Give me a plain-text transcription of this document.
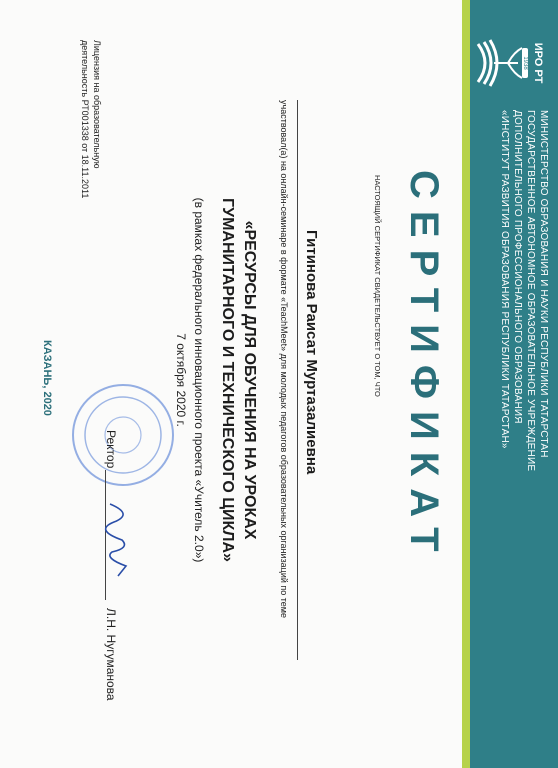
ИРО РТ
1938
МИНИСТЕРСТВО ОБРАЗОВАНИЯ И НАУКИ РЕСПУБЛИКИ ТАТАРСТАН
ГОСУДАРСТВЕННОЕ АВТОНОМНОЕ ОБРАЗОВАТЕЛЬНОЕ УЧРЕЖДЕНИЕ
ДОПОЛНИТЕЛЬНОГО ПРОФЕССИОНАЛЬНОГО ОБРАЗОВАНИЯ
«ИНСТИТУТ РАЗВИТИЯ ОБРАЗОВАНИЯ РЕСПУБЛИКИ ТАТАРСТАН»
СЕРТИФИКАТ
НАСТОЯЩИЙ СЕРТИФИКАТ СВИДЕТЕЛЬСТВУЕТ О ТОМ, ЧТО
Гитинова Раисат Муртазалиевна
участвовал(а) на онлайн-семинаре в формате «TeachMeet» для молодых педагогов образовательных организаций по теме
«РЕСУРСЫ ДЛЯ ОБУЧЕНИЯ НА УРОКАХ
ГУМАНИТАРНОГО И ТЕХНИЧЕСКОГО ЦИКЛА»
(в рамках федерального инновационного проекта «Учитель 2.0»)
7 октября 2020 г.
Ректор
Л.Н. Нугуманова
Лицензия на образовательную
деятельность РТ001338 от 18.11.2011
КАЗАНЬ, 2020
